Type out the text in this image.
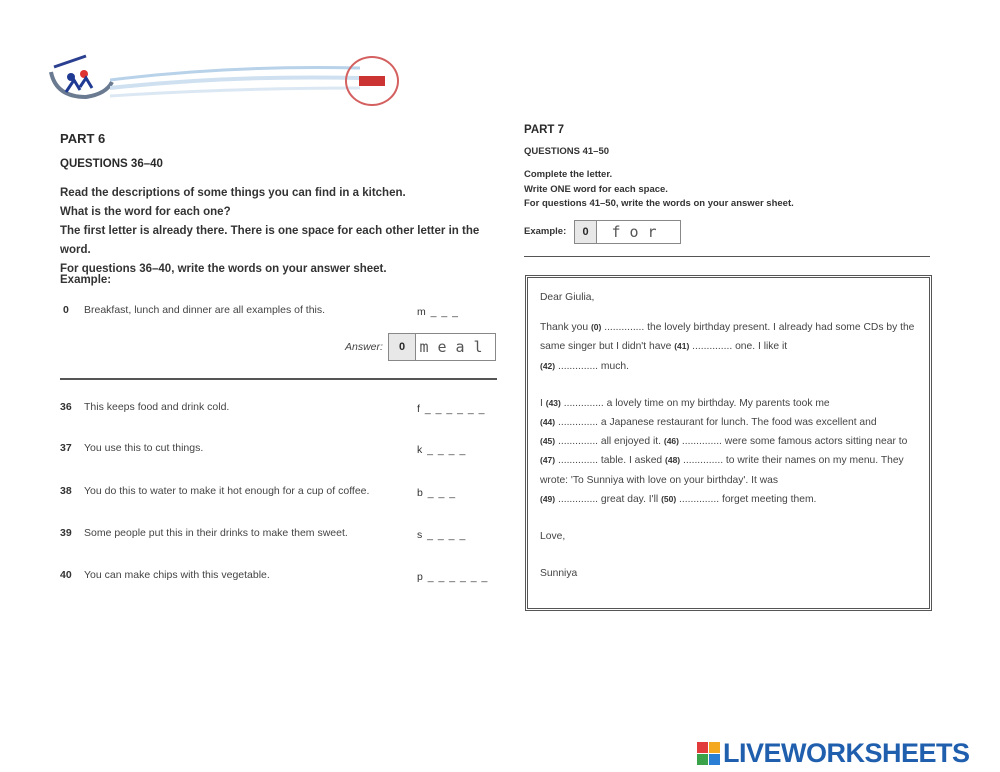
PART 6
QUESTIONS 36–40
Read the descriptions of some things you can find in a kitchen.
What is the word for each one?
The first letter is already there. There is one space for each other letter in the word.
For questions 36–40, write the words on your answer sheet.
Example:
0 Breakfast, lunch and dinner are all examples of this.	m _ _ _
Answer:	0 meal
36 This keeps food and drink cold.	f _ _ _ _ _ _
37 You use this to cut things.	k _ _ _ _
38 You do this to water to make it hot enough for a cup of coffee.	b _ _ _
39 Some people put this in their drinks to make them sweet.	s _ _ _ _
40 You can make chips with this vegetable.	p _ _ _ _ _ _
PART 7
QUESTIONS 41–50
Complete the letter.
Write ONE word for each space.
For questions 41–50, write the words on your answer sheet.
Example:	0	for

Dear Giulia,

Thank you (0) .............. the lovely birthday present. I already had some CDs by the same singer but I didn't have (41) .............. one. I like it
(42) .............. much.

I (43) .............. a lovely time on my birthday. My parents took me
(44) .............. a Japanese restaurant for lunch. The food was excellent and
(45) .............. all enjoyed it. (46) .............. were some famous actors sitting near to (47) .............. table. I asked (48) .............. to write their names on my menu. They wrote: 'To Sunniya with love on your birthday'. It was
(49) .............. great day. I'll (50) .............. forget meeting them.

Love,

Sunniya

LIVEWORKSHEETS
